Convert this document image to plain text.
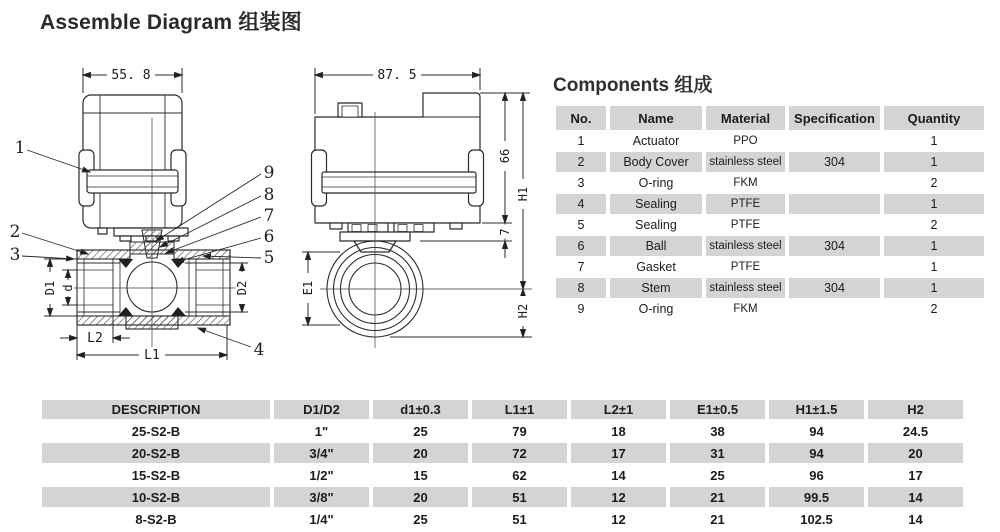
Assemble Diagram 组装图
55. 8
D1 d	D2
L2
L1
1
2
3
4
5
6
7
8
9
87. 5
66
7
H1
H2
E1
Components 组成
No.	Name	Material	Specification	Quantity
1	Actuator	PPO		1
2	Body Cover	stainless steel	304	1
3	O-ring	FKM		2
4	Sealing	PTFE		1
5	Sealing	PTFE		2
6	Ball	stainless steel	304	1
7	Gasket	PTFE		1
8	Stem	stainless steel	304	1
9	O-ring	FKM		2
DESCRIPTION	D1/D2	d1±0.3	L1±1	L2±1	E1±0.5	H1±1.5	H2
25-S2-B	1"	25	79	18	38	94	24.5
20-S2-B	3/4"	20	72	17	31	94	20
15-S2-B	1/2"	15	62	14	25	96	17
10-S2-B	3/8"	20	51	12	21	99.5	14
8-S2-B	1/4"	25	51	12	21	102.5	14
